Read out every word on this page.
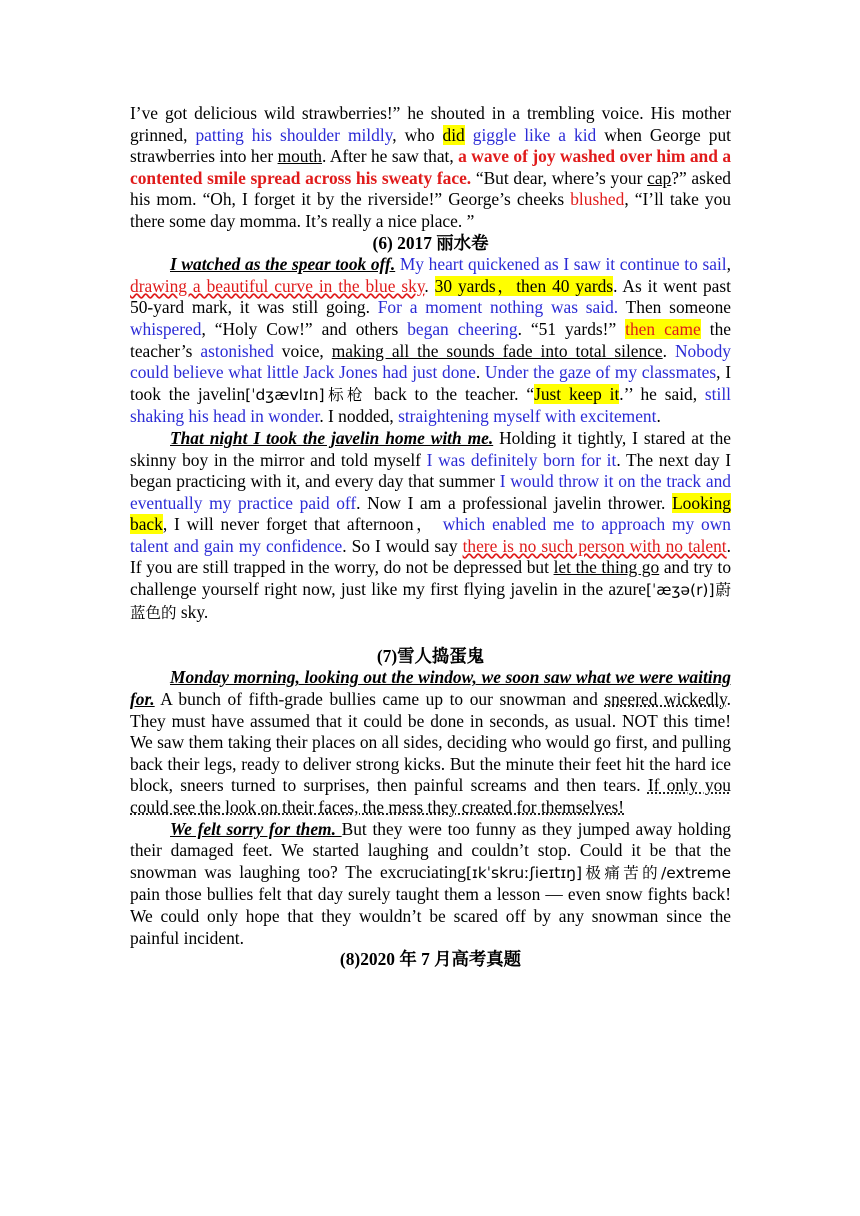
I’ve got delicious wild strawberries!” he shouted in a trembling voice. His mother grinned, patting his shoulder mildly, who did giggle like a kid when George put strawberries into her mouth. After he saw that, a wave of joy washed over him and a contented smile spread across his sweaty face. “But dear, where’s your cap?” asked his mom. “Oh, I forget it by the riverside!” George’s cheeks blushed, “I’ll take you there some day momma. It’s really a nice place. ”

(6) 2017 丽水卷

I watched as the spear took off. My heart quickened as I saw it continue to sail, drawing a beautiful curve in the blue sky. 30 yards，then 40 yards. As it went past 50-yard mark, it was still going. For a moment nothing was said. Then someone whispered, “Holy Cow!” and others began cheering. “51 yards!” then came the teacher’s astonished voice, making all the sounds fade into total silence. Nobody could believe what little Jack Jones had just done. Under the gaze of my classmates, I took the javelin[ˈdʒævlɪn]标枪 back to the teacher. “Just keep it.’’ he said, still shaking his head in wonder. I nodded, straightening myself with excitement.

That night I took the javelin home with me. Holding it tightly, I stared at the skinny boy in the mirror and told myself I was definitely born for it. The next day I began practicing with it, and every day that summer I would throw it on the track and eventually my practice paid off. Now I am a professional javelin thrower. Looking back, I will never forget that afternoon， which enabled me to approach my own talent and gain my confidence. So I would say there is no such person with no talent. If you are still trapped in the worry, do not be depressed but let the thing go and try to challenge yourself right now, just like my first flying javelin in the azure[ˈæʒə(r)]蔚蓝色的 sky.

(7)雪人捣蛋鬼

Monday morning, looking out the window, we soon saw what we were waiting for. A bunch of fifth-grade bullies came up to our snowman and sneered wickedly. They must have assumed that it could be done in seconds, as usual. NOT this time! We saw them taking their places on all sides, deciding who would go first, and pulling back their legs, ready to deliver strong kicks. But the minute their feet hit the hard ice block, sneers turned to surprises, then painful screams and then tears. If only you could see the look on their faces, the mess they created for themselves!

We felt sorry for them. But they were too funny as they jumped away holding their damaged feet. We started laughing and couldn’t stop. Could it be that the snowman was laughing too? The excruciating[ɪkˈskruːʃieɪtɪŋ]极痛苦的/extreme pain those bullies felt that day surely taught them a lesson — even snow fights back! We could only hope that they wouldn’t be scared off by any snowman since the painful incident.

(8)2020 年 7 月高考真题
